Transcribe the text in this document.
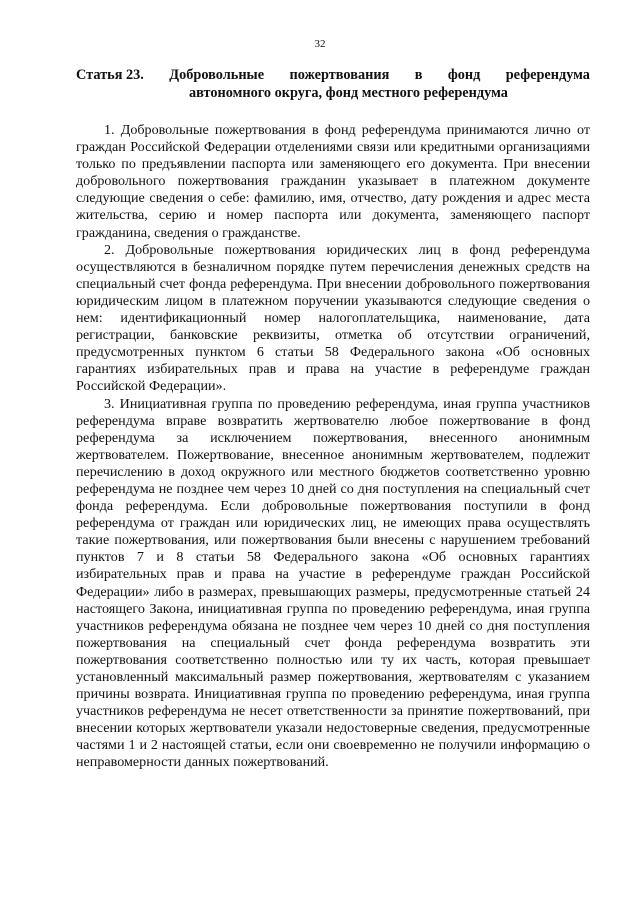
32
Статья 23. Добровольные пожертвования в фонд референдума
автономного округа, фонд местного референдума

1. Добровольные пожертвования в фонд референдума принимаются лично от граждан Российской Федерации отделениями связи или кредитными организациями только по предъявлении паспорта или заменяющего его документа. При внесении добровольного пожертвования гражданин указывает в платежном документе следующие сведения о себе: фамилию, имя, отчество, дату рождения и адрес места жительства, серию и номер паспорта или документа, заменяющего паспорт гражданина, сведения о гражданстве.

2. Добровольные пожертвования юридических лиц в фонд референдума осуществляются в безналичном порядке путем перечисления денежных средств на специальный счет фонда референдума. При внесении добровольного пожертвования юридическим лицом в платежном поручении указываются следующие сведения о нем: идентификационный номер налогоплательщика, наименование, дата регистрации, банковские реквизиты, отметка об отсутствии ограничений, предусмотренных пунктом 6 статьи 58 Федерального закона «Об основных гарантиях избирательных прав и права на участие в референдуме граждан Российской Федерации».

3. Инициативная группа по проведению референдума, иная группа участников референдума вправе возвратить жертвователю любое пожертвование в фонд референдума за исключением пожертвования, внесенного анонимным жертвователем. Пожертвование, внесенное анонимным жертвователем, подлежит перечислению в доход окружного или местного бюджетов соответственно уровню референдума не позднее чем через 10 дней со дня поступления на специальный счет фонда референдума. Если добровольные пожертвования поступили в фонд референдума от граждан или юридических лиц, не имеющих права осуществлять такие пожертвования, или пожертвования были внесены с нарушением требований пунктов 7 и 8 статьи 58 Федерального закона «Об основных гарантиях избирательных прав и права на участие в референдуме граждан Российской Федерации» либо в размерах, превышающих размеры, предусмотренные статьей 24 настоящего Закона, инициативная группа по проведению референдума, иная группа участников референдума обязана не позднее чем через 10 дней со дня поступления пожертвования на специальный счет фонда референдума возвратить эти пожертвования соответственно полностью или ту их часть, которая превышает установленный максимальный размер пожертвования, жертвователям с указанием причины возврата. Инициативная группа по проведению референдума, иная группа участников референдума не несет ответственности за принятие пожертвований, при внесении которых жертвователи указали недостоверные сведения, предусмотренные частями 1 и 2 настоящей статьи, если они своевременно не получили информацию о неправомерности данных пожертвований.
